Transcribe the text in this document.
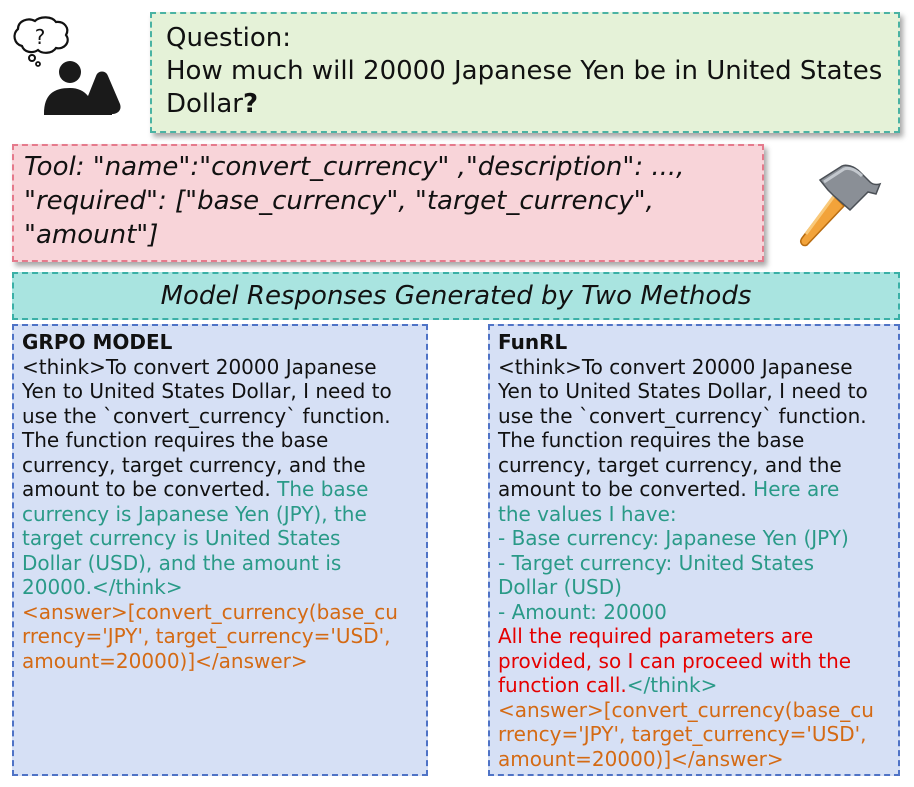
?	Question:
How much will 20000 Japanese Yen be in United States Dollar?
Tool: "name":"convert_currency" ,"description": ...,
"required": ["base_currency", "target_currency",
"amount"]
Model Responses Generated by Two Methods
GRPO MODEL
<think>To convert 20000 Japanese
Yen to United States Dollar, I need to
use the `convert_currency` function.
The function requires the base
currency, target currency, and the
amount to be converted. The base
currency is Japanese Yen (JPY), the
target currency is United States
Dollar (USD), and the amount is
20000.</think>
<answer>[convert_currency(base_cu
rrency='JPY', target_currency='USD',
amount=20000)]</answer>
FunRL
<think>To convert 20000 Japanese
Yen to United States Dollar, I need to
use the `convert_currency` function.
The function requires the base
currency, target currency, and the
amount to be converted. Here are
the values I have:
- Base currency: Japanese Yen (JPY)
- Target currency: United States
Dollar (USD)
- Amount: 20000
All the required parameters are
provided, so I can proceed with the
function call.</think>
<answer>[convert_currency(base_cu
rrency='JPY', target_currency='USD',
amount=20000)]</answer>
